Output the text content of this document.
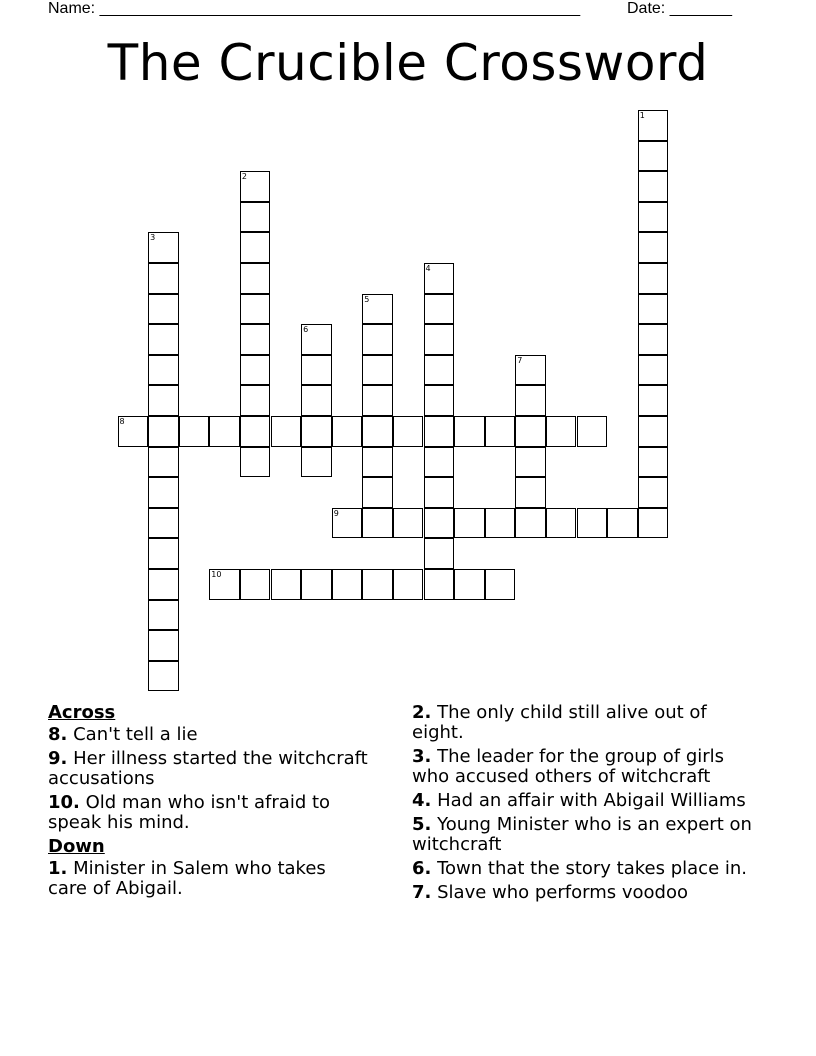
Name: ______________________________________________________	Date: _______
The Crucible Crossword
1
2
3
4
5
6
7
8
9
10
Across
8. Can't tell a lie
9. Her illness started the witchcraft accusations
10. Old man who isn't afraid to speak his mind.
Down
1. Minister in Salem who takes care of Abigail.
2. The only child still alive out of eight.
3. The leader for the group of girls who accused others of witchcraft
4. Had an affair with Abigail Williams
5. Young Minister who is an expert on witchcraft
6. Town that the story takes place in.
7. Slave who performs voodoo
